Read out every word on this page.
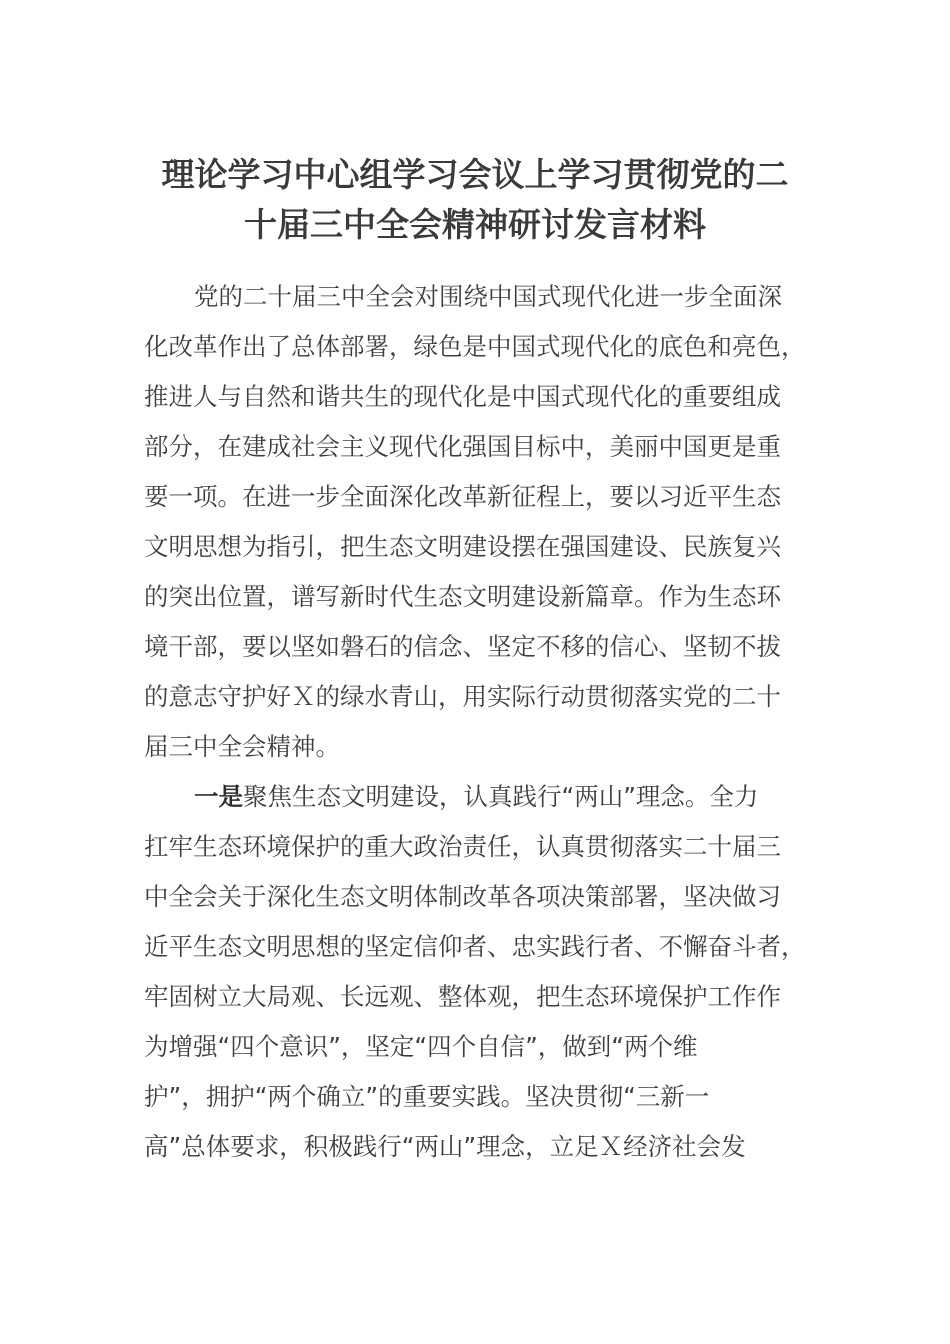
理论学习中心组学习会议上学习贯彻党的二
十届三中全会精神研讨发言材料
党的二十届三中全会对围绕中国式现代化进一步全面深
化改革作出了总体部署，绿色是中国式现代化的底色和亮色，
推进人与自然和谐共生的现代化是中国式现代化的重要组成
部分，在建成社会主义现代化强国目标中，美丽中国更是重
要一项。在进一步全面深化改革新征程上，要以习近平生态
文明思想为指引，把生态文明建设摆在强国建设、民族复兴
的突出位置，谱写新时代生态文明建设新篇章。作为生态环
境干部，要以坚如磐石的信念、坚定不移的信心、坚韧不拔
的意志守护好Ｘ的绿水青山，用实际行动贯彻落实党的二十
届三中全会精神。
一是聚焦生态文明建设，认真践行“两山”理念。全力
扛牢生态环境保护的重大政治责任，认真贯彻落实二十届三
中全会关于深化生态文明体制改革各项决策部署，坚决做习
近平生态文明思想的坚定信仰者、忠实践行者、不懈奋斗者，
牢固树立大局观、长远观、整体观，把生态环境保护工作作
为增强“四个意识”，坚定“四个自信”，做到“两个维
护”，拥护“两个确立”的重要实践。坚决贯彻“三新一
高”总体要求，积极践行“两山”理念，立足Ｘ经济社会发
